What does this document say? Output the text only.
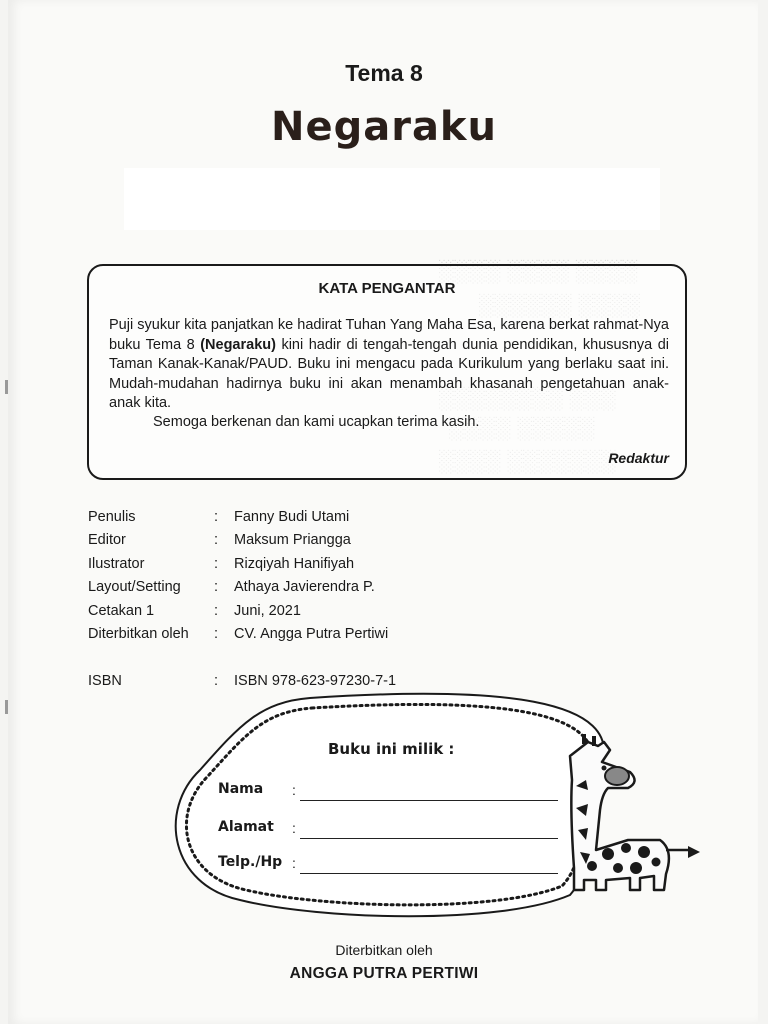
Tema 8
Negaraku
KATA PENGANTAR
Puji syukur kita panjatkan ke hadirat Tuhan Yang Maha Esa, karena berkat rahmat-Nya buku Tema 8 (Negaraku) kini hadir di tengah-tengah dunia pendidikan, khususnya di Taman Kanak-Kanak/PAUD. Buku ini mengacu pada Kurikulum yang berlaku saat ini. Mudah-mudahan hadirnya buku ini akan menambah khasanah pengetahuan anak-anak kita.
Semoga berkenan dan kami ucapkan terima kasih.
Redaktur
Penulis	:	Fanny Budi Utami
Editor	:	Maksum Priangga
Ilustrator	:	Rizqiyah Hanifiyah
Layout/Setting	:	Athaya Javierendra P.
Cetakan 1	:	Juni, 2021
Diterbitkan oleh	:	CV. Angga Putra Pertiwi

ISBN	:	ISBN 978-623-97230-7-1
Buku ini milik :
Nama :
Alamat :
Telp./Hp :
Diterbitkan oleh
ANGGA PUTRA PERTIWI
